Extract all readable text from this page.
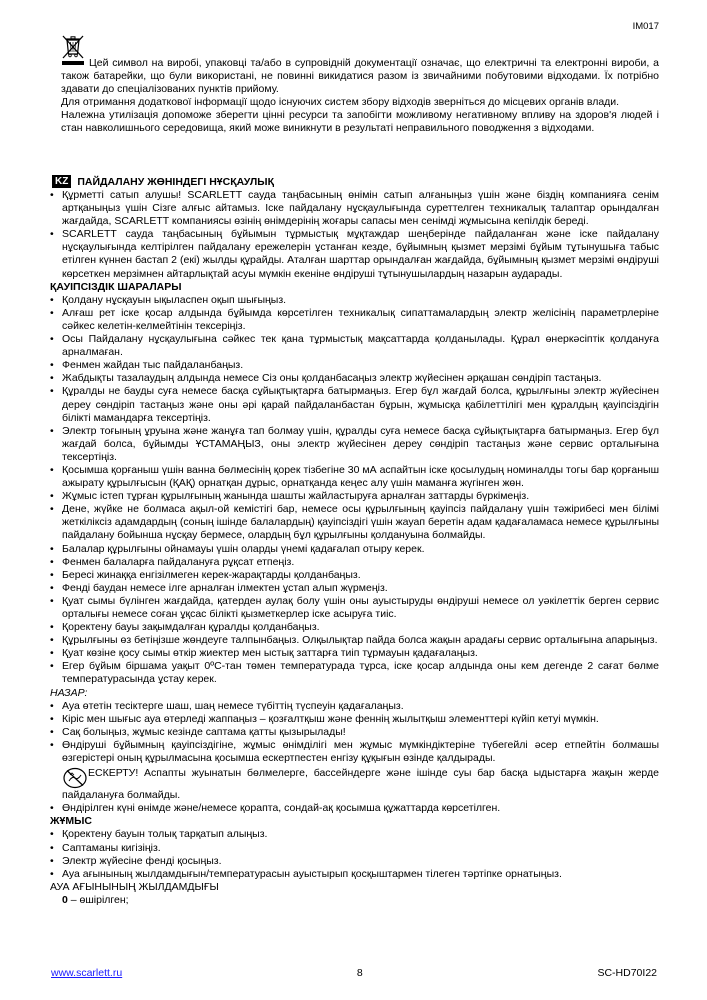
IM017

Цей символ на виробі, упаковці та/або в супровідній документації означає, що електричні та електронні вироби, а також батарейки, що були використані, не повинні викидатися разом із звичайними побутовими відходами. Їх потрібно здавати до спеціалізованих пунктів прийому.

Для отримання додаткової інформації щодо існуючих систем збору відходів зверніться до місцевих органів влади.

Належна утилізація допоможе зберегти цінні ресурси та запобігти можливому негативному впливу на здоров'я людей і стан навколишнього середовища, який може виникнути в результаті неправильного поводження з відходами.

KZ ПАЙДАЛАНУ ЖӨНІНДЕГІ НҰСҚАУЛЫҚ
• Құрметті сатып алушы! SCARLETT сауда таңбасының өнімін сатып алғаныңыз үшін және біздің компанияға сенім артқаныңыз үшін Сізге алғыс айтамыз. Іске пайдалану нұсқаулығында суреттелген техникалық талаптар орындалған жағдайда, SCARLETT компаниясы өзінің өнімдерінің жоғары сапасы мен сенімді жұмысына кепілдік береді.
• SCARLETT сауда таңбасының бұйымын тұрмыстық мұқтаждар шеңберінде пайдаланған және іске пайдалану нұсқаулығында келтірілген пайдалану ережелерін ұстанған кезде, бұйымның қызмет мерзімі бұйым тұтынушыға табыс етілген күннен бастап 2 (екі) жылды құрайды. Аталған шарттар орындалған жағдайда, бұйымның қызмет мерзімі өндіруші көрсеткен мерзімнен айтарлықтай асуы мүмкін екеніне өндіруші тұтынушылардың назарын аударады.
ҚАУІПСІЗДІК ШАРАЛАРЫ
• Қолдану нұсқауын ықыласпен оқып шығыңыз.
• Алғаш рет іске қосар алдында бұйымда көрсетілген техникалық сипаттамалардың электр желісінің параметрлеріне сәйкес келетін-келмейтінін тексеріңіз.
• Осы Пайдалану нұсқаулығына сәйкес тек қана тұрмыстық мақсаттарда қолданылады. Құрал өнеркәсіптік қолдануға арналмаған.
• Фенмен жайдан тыс пайдаланбаңыз.
• Жабдықты тазалаудың алдында немесе Сіз оны қолданбасаңыз электр жүйесінен әрқашан сөндіріп тастаңыз.
• Құралды не бауды суға немесе басқа сұйықтықтарға батырмаңыз. Егер бұл жағдай болса, құрылғыны электр жүйесінен дереу сөндіріп тастаңыз және оны әрі қарай пайдаланбастан бұрын, жұмысқа қабілеттілігі мен құралдың қауіпсіздігін білікті мамандарға тексертіңіз.
• Электр тоғының ұруына және жанұға тап болмау үшін, құралды суға немесе басқа сұйықтықтарға батырмаңыз. Егер бұл жағдай болса, бұйымды ҰСТАМАҢЫЗ, оны электр жүйесінен дереу сөндіріп тастаңыз және сервис орталығына тексертіңіз.
• Қосымша қорғаныш үшін ванна бөлмесінің қорек тізбегіне 30 мА аспайтын іске қосылудың номиналды тогы бар қорғаныш ажырату құрылғысын (ҚАҚ) орнатқан дұрыс, орнатқанда кеңес алу үшін маманға жүгінген жөн.
• Жұмыс істеп тұрған құрылғының жанында шашты жайластыруға арналған заттарды бүркімеңіз.
• Дене, жүйке не болмаса ақыл-ой кемістігі бар, немесе осы құрылғының қауіпсіз пайдалану үшін тәжірибесі мен білімі жеткіліксіз адамдардың (соның ішінде балалардың) қауіпсіздігі үшін жауап беретін адам қадағаламаса немесе құрылғыны пайдалану бойынша нұсқау бермесе, олардың бұл құрылғыны қолдануына болмайды.
• Балалар құрылғыны ойнамауы үшін оларды үнемі қадағалап отыру керек.
• Фенмен балаларға пайдалануға рұқсат етпеңіз.
• Бересі жинаққа енгізілмеген керек-жарақтарды қолданбаңыз.
• Фенді баудан немесе ілге арналған ілмектен ұстап алып жүрмеңіз.
• Қуат сымы бүлінген жағдайда, қатерден аулақ болу үшін оны ауыстыруды өндіруші немесе ол уәкілеттік берген сервис орталығы немесе соған ұқсас білікті қызметкерлер іске асыруға тиіс.
• Қоректену бауы зақымдалған құралды қолданбаңыз.
• Құрылғыны өз бетіңізше жөндеуге талпынбаңыз. Олқылықтар пайда болса жақын арадағы сервис орталығына апарыңыз.
• Қуат көзіне қосу сымы өткір жиектер мен ыстық заттарға тиіп тұрмауын қадағалаңыз.
• Егер бұйым біршама уақыт 0ºC-тан төмен температурада тұрса, іске қосар алдында оны кем дегенде 2 сағат бөлме температурасында ұстау керек.
НАЗАР:
• Ауа өтетін тесіктерге шаш, шаң немесе түбіттің түспеуін қадағалаңыз.
• Кіріс мен шығыс ауа өтерледі жаппаңыз – қозғалтқыш және феннің жылытқыш элементтері күйіп кетуі мүмкін.
• Сақ болыңыз, жұмыс кезінде саптама қатты қызырылады!
• Өндіруші бұйымның қауіпсіздігіне, жұмыс өнімділігі мен жұмыс мүмкіндіктеріне түбегейлі әсер етпейтін болмашы өзгерістері оның құрылмасына қосымша ескертпестен енгізу құқығын өзінде қалдырады.
ЕСКЕРТУ! Аспапты жуынатын бөлмелерге, бассейндерге және ішінде суы бар басқа ыдыстарға жақын жерде пайдалануға болмайды.
• Өндірілген күні өнімде және/немесе қорапта, сондай-ақ қосымша құжаттарда көрсетілген.
ЖҰМЫС
• Қоректену бауын толық тарқатып алыңыз.
• Саптаманы кигізіңіз.
• Электр жүйесіне фенді қосыңыз.
• Ауа ағынының жылдамдығын/температурасын ауыстырып қосқыштармен тілеген тәртіпке орнатыңыз.
АУА АҒЫНЫНЫҢ ЖЫЛДАМДЫҒЫ
0 – өшірілген;
www.scarlett.ru	8	SC-HD70I22
